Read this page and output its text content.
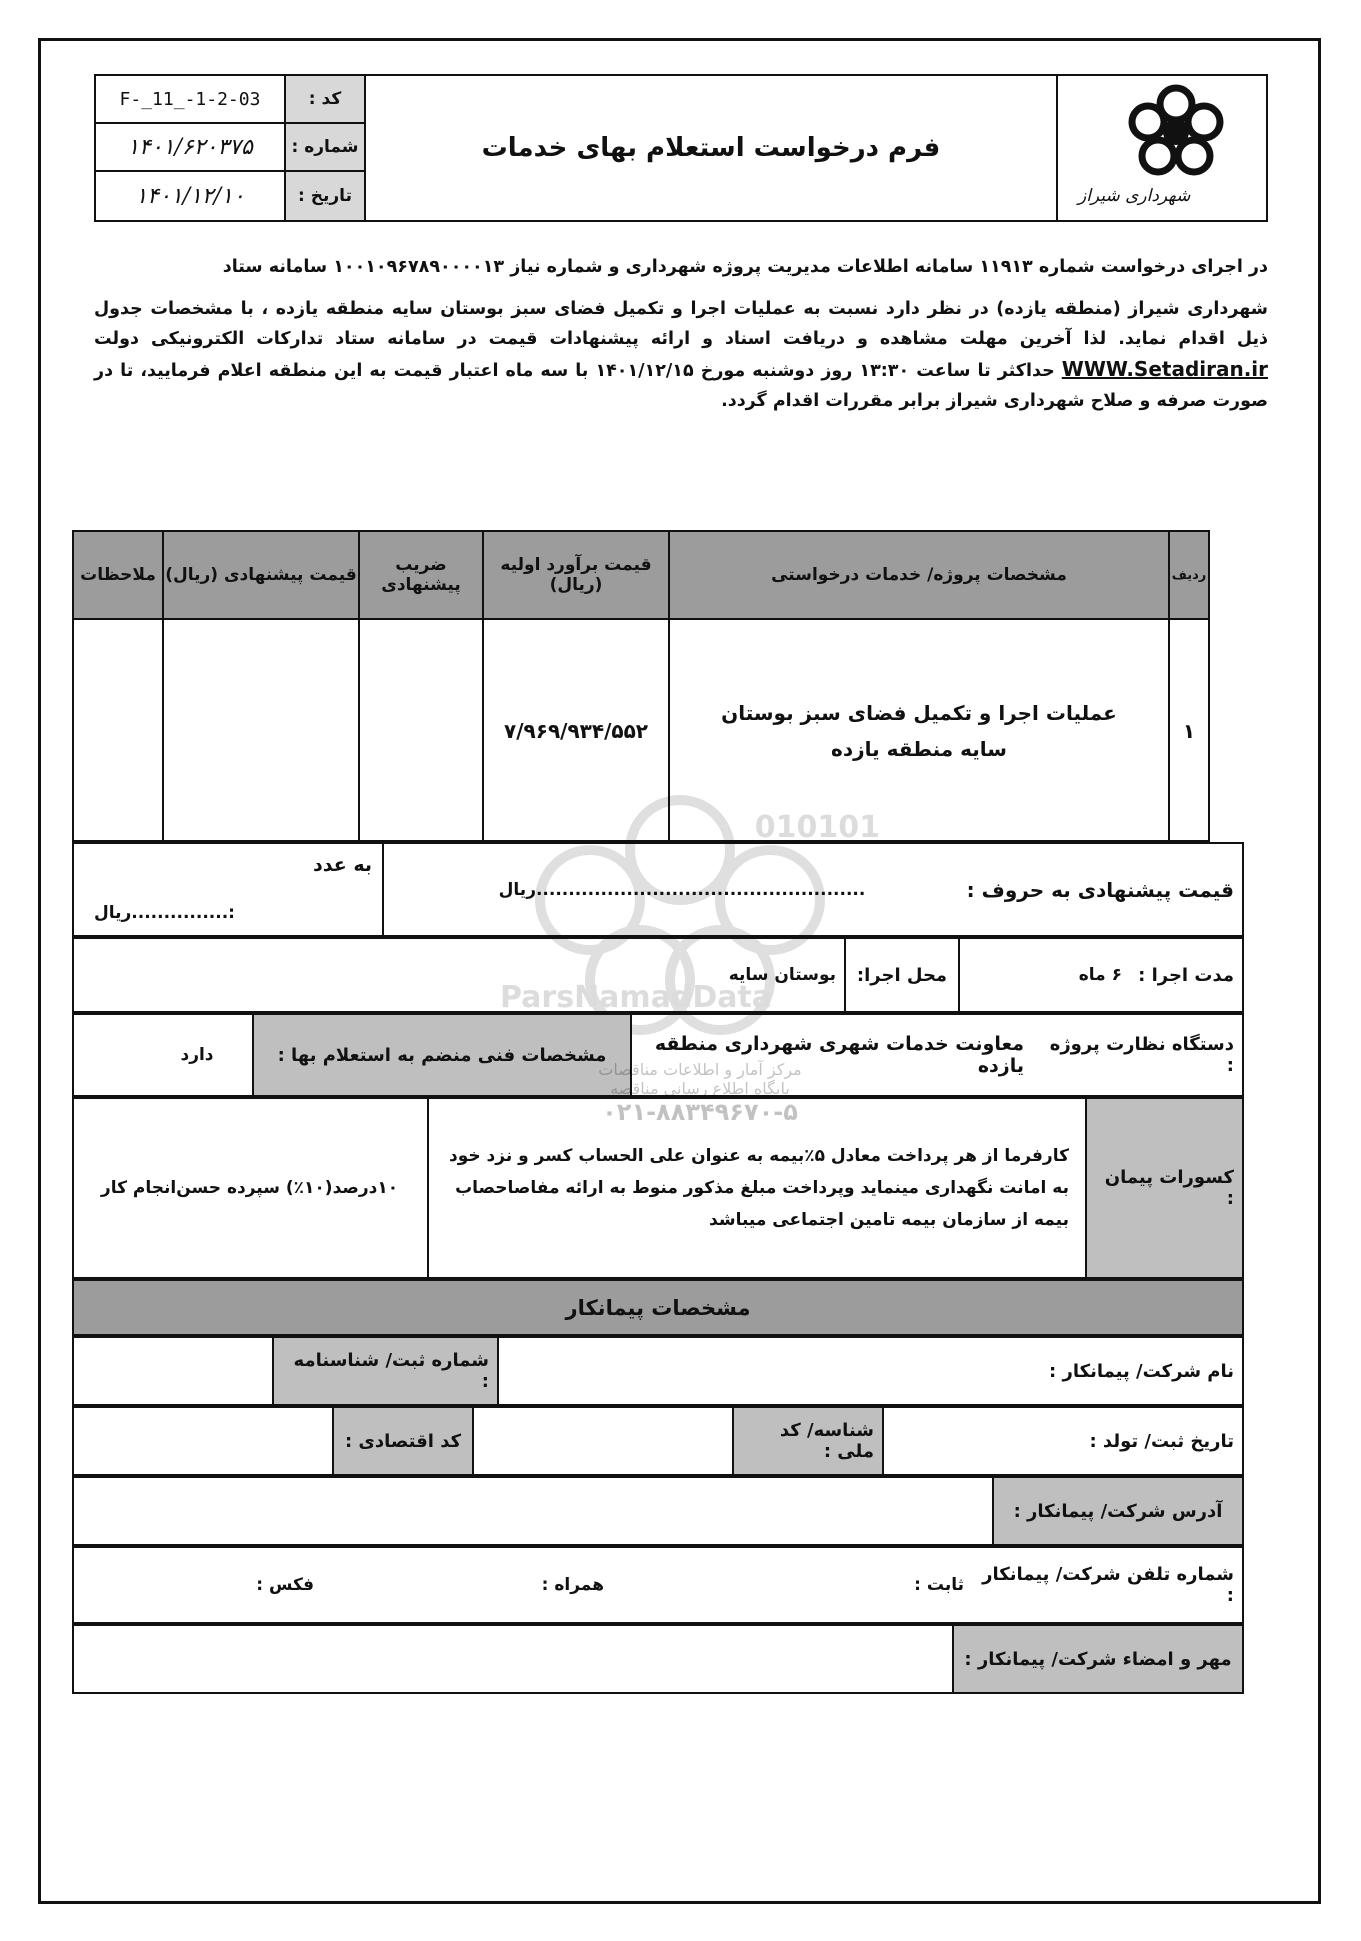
شهرداری شیراز
فرم درخواست استعلام بهای خدمات
کد :
F-_11_-1-2-03
شماره :
۱۴۰۱/۶۲۰۳۷۵
تاریخ :
۱۴۰۱/۱۲/۱۰

در اجرای درخواست شماره ۱۱۹۱۳ سامانه اطلاعات مدیریت پروژه شهرداری و شماره نیاز ۱۰۰۱۰۹۶۷۸۹۰۰۰۰۱۳ سامانه ستاد

شهرداری شیراز (منطقه یازده) در نظر دارد نسبت به عملیات اجرا و تکمیل فضای سبز بوستان سایه منطقه یازده ، با مشخصات جدول ذیل اقدام نماید. لذا آخرین مهلت مشاهده و دریافت اسناد و ارائه پیشنهادات قیمت در سامانه ستاد تدارکات الکترونیکی دولت WWW.Setadiran.ir حداکثر تا ساعت ۱۳:۳۰ روز دوشنبه مورخ ۱۴۰۱/۱۲/۱۵ با سه ماه اعتبار قیمت به این منطقه اعلام فرمایید، تا در صورت صرفه و صلاح شهرداری شیراز برابر مقررات اقدام گردد.

ParsNamadData
010101
ردیف
مشخصات پروژه/ خدمات درخواستی
قیمت برآورد اولیه (ریال)
ضریب پیشنهادی
قیمت پیشنهادی (ریال)
ملاحظات
۱
عملیات اجرا و تکمیل فضای سبز بوستان سایه منطقه یازده
۷/۹۶۹/۹۳۴/۵۵۲
قیمت پیشنهادی به حروف :
...................................................ریال
به عدد
:...............ریال
مدت اجرا :
۶ ماه
محل اجرا:
بوستان سایه
دستگاه نظارت پروژه :
معاونت خدمات شهری شهرداری منطقه یازده
مشخصات فنی منضم به استعلام بها :
دارد
کسورات پیمان :
کارفرما از هر پرداخت معادل ۵٪بیمه به عنوان علی الحساب کسر و نزد خود به امانت نگهداری مینماید وپرداخت مبلغ مذکور منوط به ارائه مفاصاحصاب بیمه از سازمان بیمه تامین اجتماعی میباشد
۱۰درصد(۱۰٪) سپرده حسن‌انجام کار
مشخصات پیمانکار
نام شرکت/ پیمانکار :
شماره ثبت/ شناسنامه :
تاریخ ثبت/ تولد :
شناسه/ کد ملی :
کد اقتصادی :
آدرس شرکت/ پیمانکار :
شماره تلفن شرکت/ پیمانکار :
ثابت :
همراه :
فکس :
مهر و امضاء شرکت/ پیمانکار :
مرکز آمار و اطلاعات مناقصات
پایگاه اطلاع رسانی مناقصه
۰۲۱-۸۸۳۴۹۶۷۰-۵
